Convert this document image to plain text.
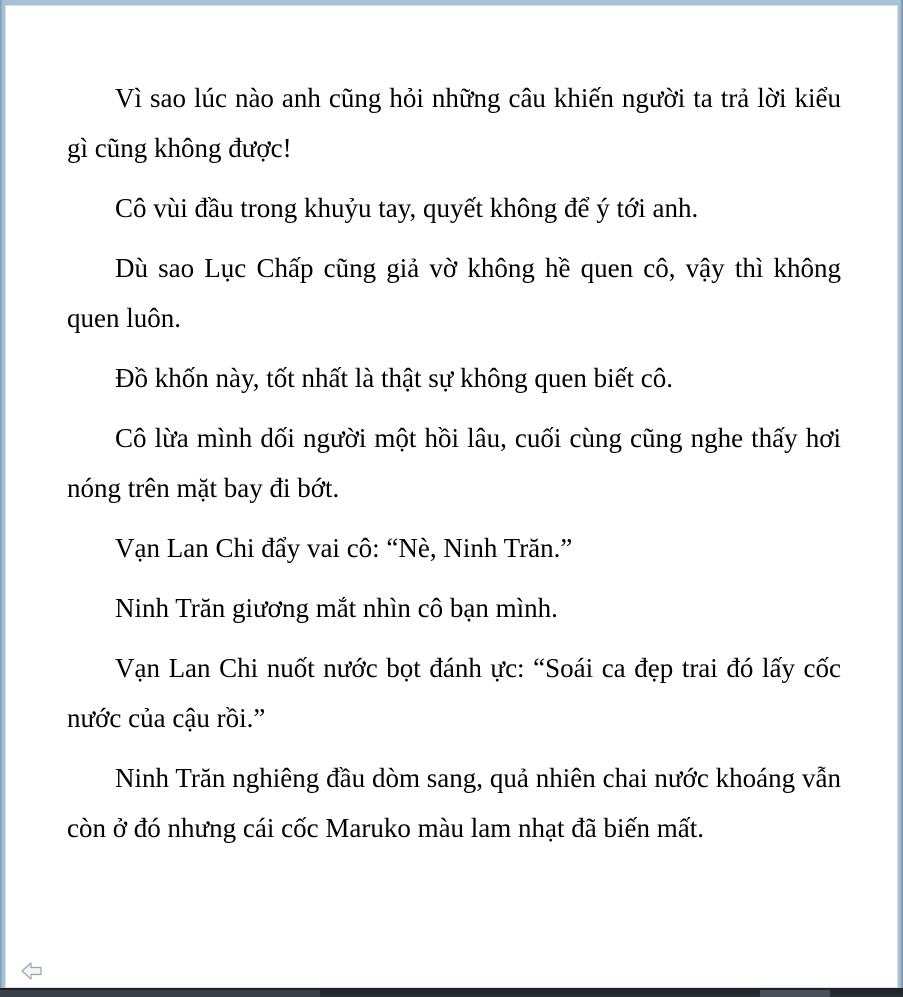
Vì sao lúc nào anh cũng hỏi những câu khiến người ta trả lời kiểu gì cũng không được!

Cô vùi đầu trong khuỷu tay, quyết không để ý tới anh.

Dù sao Lục Chấp cũng giả vờ không hề quen cô, vậy thì không quen luôn.

Đồ khốn này, tốt nhất là thật sự không quen biết cô.

Cô lừa mình dối người một hồi lâu, cuối cùng cũng nghe thấy hơi nóng trên mặt bay đi bớt.

Vạn Lan Chi đẩy vai cô: “Nè, Ninh Trăn.”

Ninh Trăn giương mắt nhìn cô bạn mình.

Vạn Lan Chi nuốt nước bọt đánh ực: “Soái ca đẹp trai đó lấy cốc nước của cậu rồi.”

Ninh Trăn nghiêng đầu dòm sang, quả nhiên chai nước khoáng vẫn còn ở đó nhưng cái cốc Maruko màu lam nhạt đã biến mất.
